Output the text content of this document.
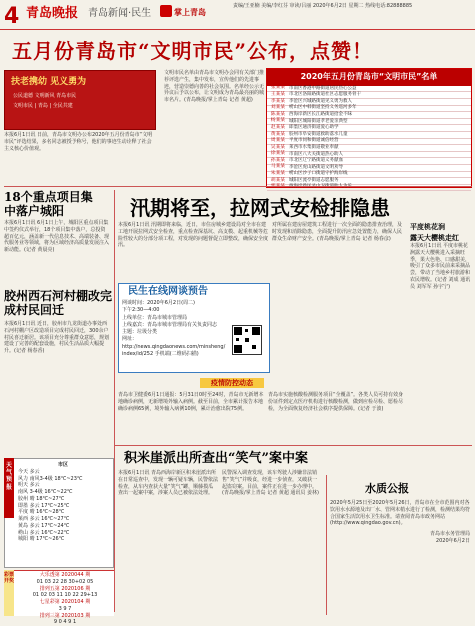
4 青岛晚报 青岛新闻·民生	掌上青岛
责编/王亚楠 美编/李红芬 审读/吕丽 2020年6月2日 星期二 热线电话:82888885
五月份青岛市“文明市民”公布，点赞！
扶老携幼 见义勇为
公民道德 文明新风 青岛市民
文明市民 | 青岛 | 全民共建
本报6月1日讯 日前，青岛市文明办公布2020年五月份青岛市“文明市民”评选结果，多名同志被授予称号，他们的事迹生动诠释了社会主义核心价值观。
文明市民名单由青岛市文明办会同有关部门推荐评选产生，集中发布，宣传他们的先进事迹，营造崇德向善的社会氛围。名单经公示无异议后予以公布，让文明成为青岛最亮丽的城市名片。(青岛晚报/掌上青岛 记者 黄超)
2020年五月份青岛市“文明市民”名单
张某某 市南区香港中路街道居民热心公益
王某某 市北区洛阳路街道社区志愿服务骨干
李某某 李沧区兴城路街道见义勇为救人
刘某某 崂山区中韩街道坚持义务巡河多年
陈某某 西海岸新区长江路街道拾金不昧
杨某某 城阳区城阳街道孝老爱亲典型
赵某某 即墨区通济街道爱心助学
黄某某 胶州市阜安街道救助落水儿童
周某某 平度市同和街道诚信经营
吴某某 莱西市水集街道敬业奉献
徐某某 市南区八大关街道热心助人
孙某某 市北区辽宁路街道义务献血
马某某 李沧区虎山路街道文明劝导
朱某某 崂山区沙子口街道守护海岸线
胡某某 城阳区流亭街道志愿服务
18个重点项目集中落户城阳
本报6月1日讯 6月1日上午，城阳区重点项目集中签约仪式举行，18个项目集中落户，总投资超百亿元，涵盖新一代信息技术、高端装备、现代服务业等领域，将为区域经济高质量发展注入新动能。(记者 黄晨亮)
胶州西石河村棚改完成村民回迁
本报6月1日讯 近日，胶州市九龙街道办事处西石河村棚户区改造项目完成村民回迁，300余户村民喜迁新居。该项目充分尊重群众意愿，规划建设了完善的配套设施，村民生活品质大幅提升。(记者 杨春香)
天气预报
市区
今天 多云
风力 南风3-4级 18℃~23℃
明天 多云
南风 3-4级 16℃~22℃
胶州 晴 18℃~27℃
即墨 多云 17℃~25℃
平度 晴 16℃~28℃
莱西 多云 16℃~27℃
黄岛 多云 17℃~24℃
崂山 多云 16℃~22℃
城阳 晴 17℃~26℃
彩票开奖
大乐透第 2020044 期
01 03 22 28 30+02 05
排列五第 2020106 期
01 02 03 11 10 22 29+13
七星彩第 2020104 期
3 9 7
排列三第 2020103 期
9 0 4 9 1
汛期将至，拉网式安检排隐患
本报6月1日讯 汛期即将来临，近日，市住房城乡建设局对全市在建工地开展拉网式安全检查，重点检查深基坑、高支模、起重机械等危险性较大的分部分项工程，对发现的问题督促立即整改，确保安全度汛。
对所属在建房屋建筑工程进行一次全面的隐患排查治理，及时发现和消除隐患，全面提升防汛应急处置能力，确保人民群众生命财产安全。(青岛晚报/掌上青岛 记者 杨春彦)
平度桃花涧
露天大樱桃走红
本报6月1日讯 平度市桃花涧露天大樱桃进入采摘旺季，果大色艳、口感甜美，吸引了众多市民前来采摘品尝，带动了当地乡村旅游和农民增收。(记者 刘成 通讯员 刘军军 孙宇宁)
民生在线网谈预告
网谈时间：2020年6月2日(周二)
下午2:30—4:00
上线单位：青岛市城市管理局
上线嘉宾：青岛市城市管理局有关负责同志
主题：垃圾分类
网址：
http://news.qingdaonews.com/minsheng/
index/id/252 手机端(二维码扫描)
疫情防控动态
青岛市卫健委6月1日通报：5月31日0时至24时，青岛市无新增本地确诊病例，无新增境外输入病例。截至目前，全市累计报告本地确诊病例65例，境外输入病例10例，累计治愈出院75例。
青岛市实施核酸检测服务项目“全覆盖”。各类人员可持有效身份证件到定点医疗机构进行核酸检测，做到应检尽检、愿检尽检，为全面恢复经济社会秩序提供保障。(记者 于波)
积米崖派出所查出“笑气”案中案
本报6月1日讯 青岛西海岸新区积米崖派出所在日常巡查中，发现一辆可疑车辆，民警依法检查，从车内查获大量“笑气”罐，顺藤摸瓜查出一起案中案，涉案人员已被依法处理。
民警深入调查发现，该车驾驶人涉嫌非法销售“笑气”并吸食，经进一步侦查，又破获一起盗窃案。目前，案件正在进一步办理中。(青岛晚报/掌上青岛 记者 黄超 通讯员 姜林)	水质公报
2020年5月25日至2020年5月26日，青岛市在全市范围内对各饮用水水源地及出厂水、管网末梢水进行了检测，检测结果均符合国家生活饮用水卫生标准。请查阅青岛市政务网站(http://www.qingdao.gov.cn)。
青岛市水务管理局
2020年6月2日
